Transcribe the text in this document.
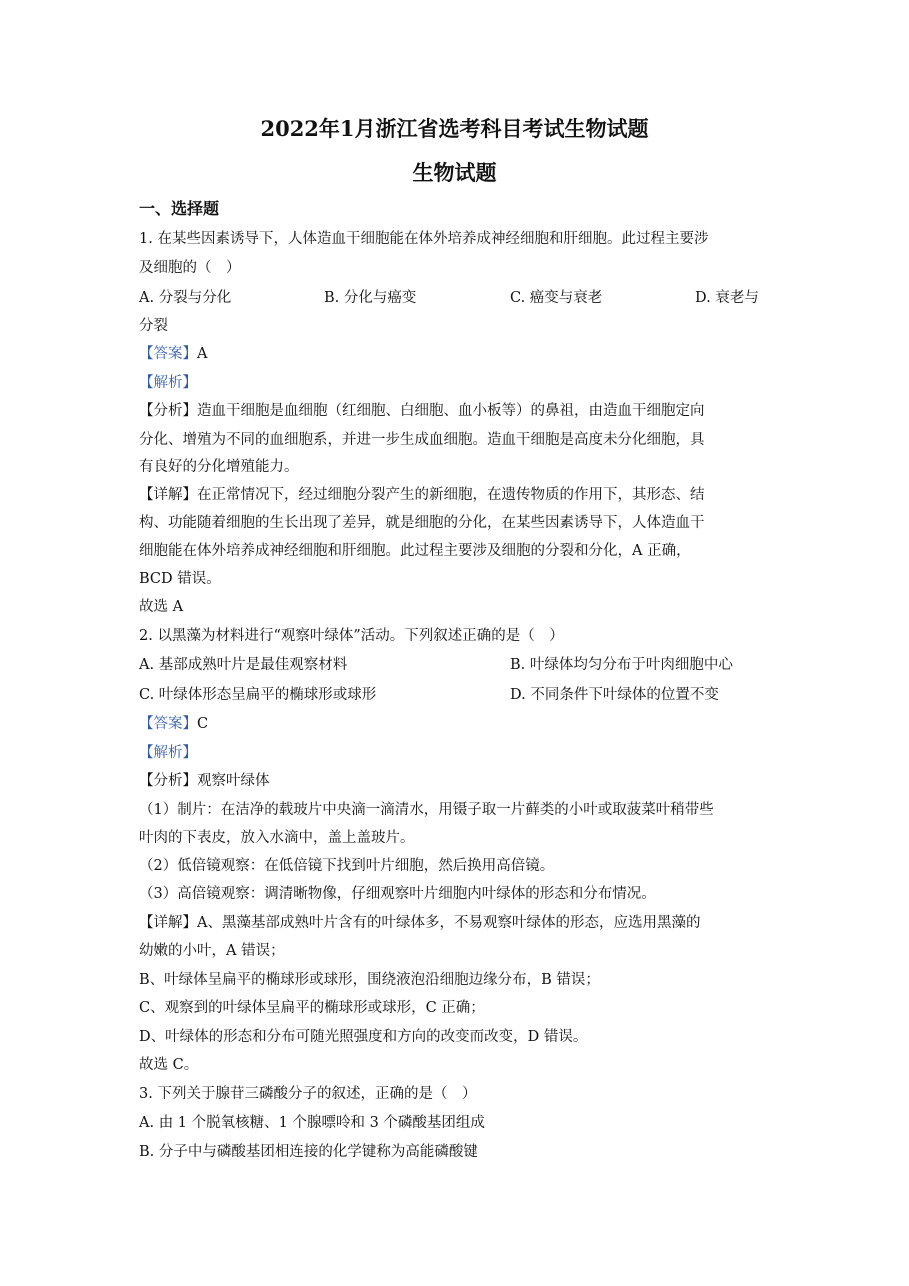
2022年1月浙江省选考科目考试生物试题
生物试题
一、选择题
1. 在某些因素诱导下，人体造血干细胞能在体外培养成神经细胞和肝细胞。此过程主要涉
及细胞的（　）
A. 分裂与分化	B. 分化与癌变	C. 癌变与衰老	D. 衰老与
分裂
【答案】A
【解析】
【分析】造血干细胞是血细胞（红细胞、白细胞、血小板等）的鼻祖，由造血干细胞定向
分化、增殖为不同的血细胞系，并进一步生成血细胞。造血干细胞是高度未分化细胞，具
有良好的分化增殖能力。
【详解】在正常情况下，经过细胞分裂产生的新细胞，在遗传物质的作用下，其形态、结
构、功能随着细胞的生长出现了差异，就是细胞的分化，在某些因素诱导下，人体造血干
细胞能在体外培养成神经细胞和肝细胞。此过程主要涉及细胞的分裂和分化，A 正确，
BCD 错误。
故选 A
2. 以黑藻为材料进行“观察叶绿体”活动。下列叙述正确的是（　）
A. 基部成熟叶片是最佳观察材料	B. 叶绿体均匀分布于叶肉细胞中心
C. 叶绿体形态呈扁平的椭球形或球形	D. 不同条件下叶绿体的位置不变
【答案】C
【解析】
【分析】观察叶绿体
（1）制片：在洁净的载玻片中央滴一滴清水，用镊子取一片藓类的小叶或取菠菜叶稍带些
叶肉的下表皮，放入水滴中，盖上盖玻片。
（2）低倍镜观察：在低倍镜下找到叶片细胞，然后换用高倍镜。
（3）高倍镜观察：调清晰物像，仔细观察叶片细胞内叶绿体的形态和分布情况。
【详解】A、黑藻基部成熟叶片含有的叶绿体多，不易观察叶绿体的形态，应选用黑藻的
幼嫩的小叶，A 错误；
B、叶绿体呈扁平的椭球形或球形，围绕液泡沿细胞边缘分布，B 错误；
C、观察到的叶绿体呈扁平的椭球形或球形，C 正确；
D、叶绿体的形态和分布可随光照强度和方向的改变而改变，D 错误。
故选 C。
3. 下列关于腺苷三磷酸分子的叙述，正确的是（　）
A. 由 1 个脱氧核糖、1 个腺嘌呤和 3 个磷酸基团组成
B. 分子中与磷酸基团相连接的化学键称为高能磷酸键
